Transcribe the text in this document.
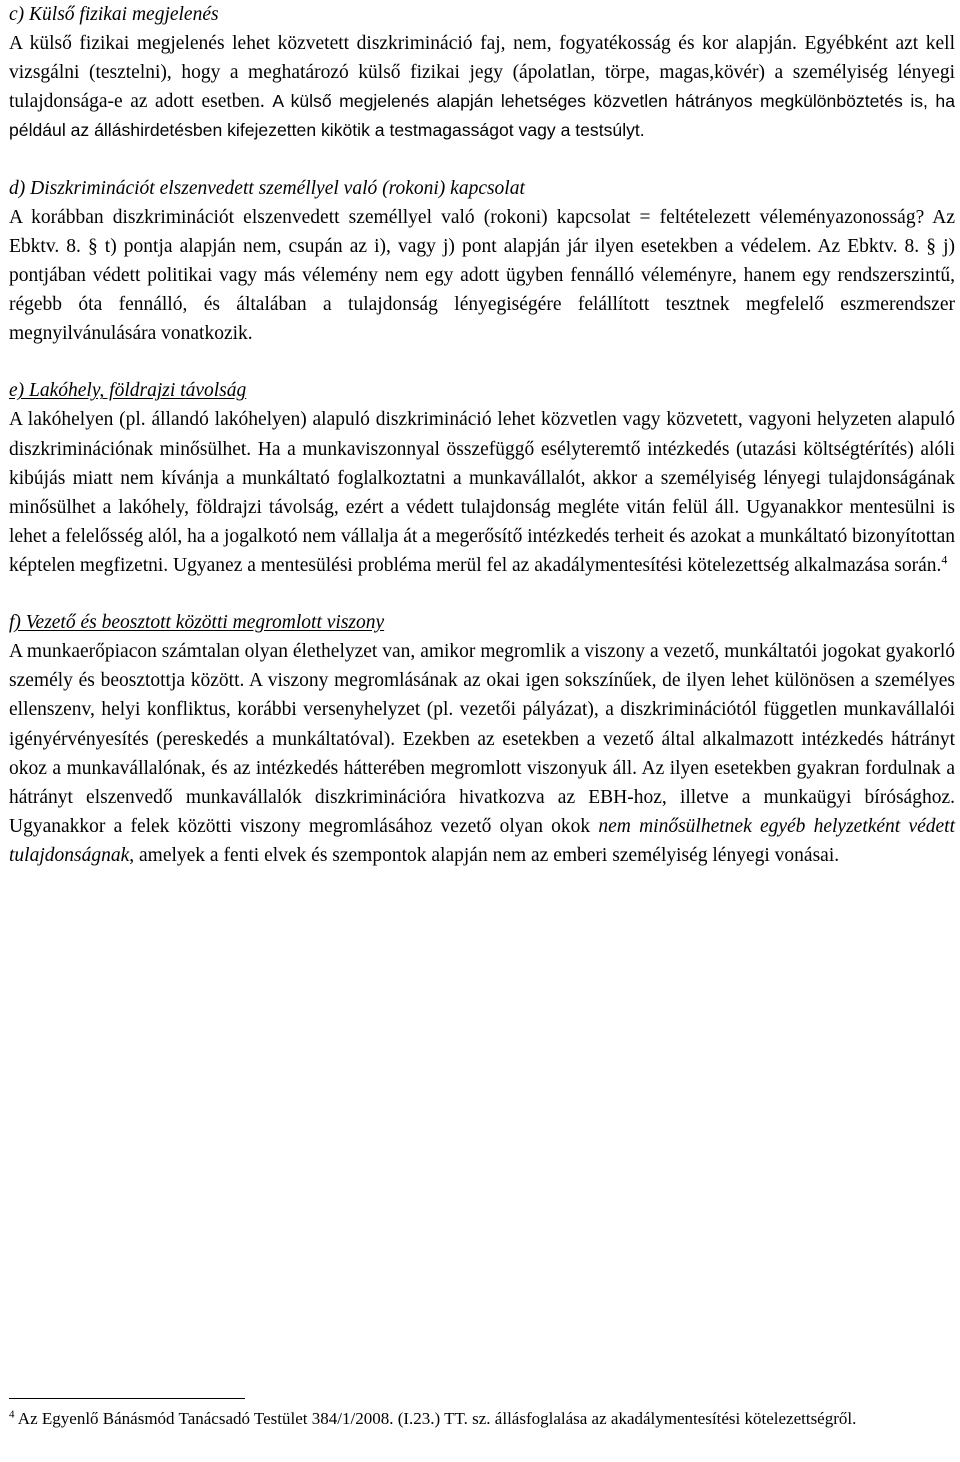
c) Külső fizikai megjelenés

A külső fizikai megjelenés lehet közvetett diszkrimináció faj, nem, fogyatékosság és kor alapján. Egyébként azt kell vizsgálni (tesztelni), hogy a meghatározó külső fizikai jegy (ápolatlan, törpe, magas,kövér) a személyiség lényegi tulajdonsága-e az adott esetben. A külső megjelenés alapján lehetséges közvetlen hátrányos megkülönböztetés is, ha például az álláshirdetésben kifejezetten kikötik a testmagasságot vagy a testsúlyt.

d) Diszkriminációt elszenvedett személlyel való (rokoni) kapcsolat

A korábban diszkriminációt elszenvedett személlyel való (rokoni) kapcsolat = feltételezett véleményazonosság? Az Ebktv. 8. § t) pontja alapján nem, csupán az i), vagy j) pont alapján jár ilyen esetekben a védelem. Az Ebktv. 8. § j) pontjában védett politikai vagy más vélemény nem egy adott ügyben fennálló véleményre, hanem egy rendszerszintű, régebb óta fennálló, és általában a tulajdonság lényegiségére felállított tesztnek megfelelő eszmerendszer megnyilvánulására vonatkozik.

e) Lakóhely, földrajzi távolság

A lakóhelyen (pl. állandó lakóhelyen) alapuló diszkrimináció lehet közvetlen vagy közvetett, vagyoni helyzeten alapuló diszkriminációnak minősülhet. Ha a munkaviszonnyal összefüggő esélyteremtő intézkedés (utazási költségtérítés) alóli kibújás miatt nem kívánja a munkáltató foglalkoztatni a munkavállalót, akkor a személyiség lényegi tulajdonságának minősülhet a lakóhely, földrajzi távolság, ezért a védett tulajdonság megléte vitán felül áll. Ugyanakkor mentesülni is lehet a felelősség alól, ha a jogalkotó nem vállalja át a megerősítő intézkedés terheit és azokat a munkáltató bizonyítottan képtelen megfizetni. Ugyanez a mentesülési probléma merül fel az akadálymentesítési kötelezettség alkalmazása során.$^4$

f) Vezető és beosztott közötti megromlott viszony

A munkaerőpiacon számtalan olyan élethelyzet van, amikor megromlik a viszony a vezető, munkáltatói jogokat gyakorló személy és beosztottja között. A viszony megromlásának az okai igen sokszínűek, de ilyen lehet különösen a személyes ellenszenv, helyi konfliktus, korábbi versenyhelyzet (pl. vezetői pályázat), a diszkriminációtól független munkavállalói igényérvényesítés (pereskedés a munkáltatóval). Ezekben az esetekben a vezető által alkalmazott intézkedés hátrányt okoz a munkavállalónak, és az intézkedés hátterében megromlott viszonyuk áll. Az ilyen esetekben gyakran fordulnak a hátrányt elszenvedő munkavállalók diszkriminációra hivatkozva az EBH-hoz, illetve a munkaügyi bírósághoz. Ugyanakkor a felek közötti viszony megromlásához vezető olyan okok nem minősülhetnek egyéb helyzetként védett tulajdonságnak, amelyek a fenti elvek és szempontok alapján nem az emberi személyiség lényegi vonásai.

$^4$ Az Egyenlő Bánásmód Tanácsadó Testület 384/1/2008. (I.23.) TT. sz. állásfoglalása az akadálymentesítési kötelezettségről.
